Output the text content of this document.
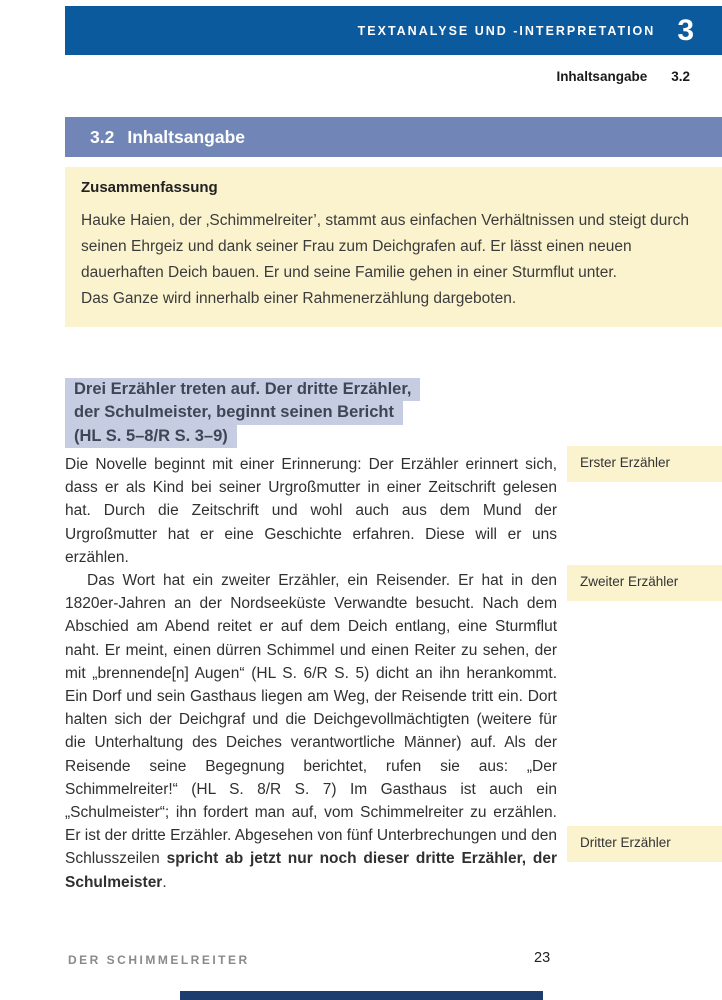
TEXTANALYSE UND -INTERPRETATION 3
Inhaltsangabe 3.2
3.2 Inhaltsangabe

Zusammenfassung

Hauke Haien, der ‚Schimmelreiter’, stammt aus einfachen Verhältnissen und steigt durch seinen Ehrgeiz und dank seiner Frau zum Deichgrafen auf. Er lässt einen neuen dauerhaften Deich bauen. Er und seine Familie gehen in einer Sturmflut unter.

Das Ganze wird innerhalb einer Rahmenerzählung dargeboten.

Drei Erzähler treten auf. Der dritte Erzähler,
der Schulmeister, beginnt seinen Bericht
(HL S. 5–8/R S. 3–9)

Die Novelle beginnt mit einer Erinnerung: Der Erzähler erinnert sich, dass er als Kind bei seiner Urgroßmutter in einer Zeitschrift gelesen hat. Durch die Zeitschrift und wohl auch aus dem Mund der Urgroßmutter hat er eine Geschichte erfahren. Diese will er uns erzählen.

Das Wort hat ein zweiter Erzähler, ein Reisender. Er hat in den 1820er-Jahren an der Nordseeküste Verwandte besucht. Nach dem Abschied am Abend reitet er auf dem Deich entlang, eine Sturmflut naht. Er meint, einen dürren Schimmel und einen Reiter zu sehen, der mit „brennende[n] Augen“ (HL S. 6/R S. 5) dicht an ihn herankommt. Ein Dorf und sein Gasthaus liegen am Weg, der Reisende tritt ein. Dort halten sich der Deichgraf und die Deichgevollmächtigten (weitere für die Unterhaltung des Deiches verantwortliche Männer) auf. Als der Reisende seine Begegnung berichtet, rufen sie aus: „Der Schimmelreiter!“ (HL S. 8/R S. 7) Im Gasthaus ist auch ein „Schulmeister“; ihn fordert man auf, vom Schimmelreiter zu erzählen. Er ist der dritte Erzähler. Abgesehen von fünf Unterbrechungen und den Schlusszeilen spricht ab jetzt nur noch dieser dritte Erzähler, der Schulmeister.

Erster Erzähler
Zweiter Erzähler
Dritter Erzähler
DER SCHIMMELREITER	23
